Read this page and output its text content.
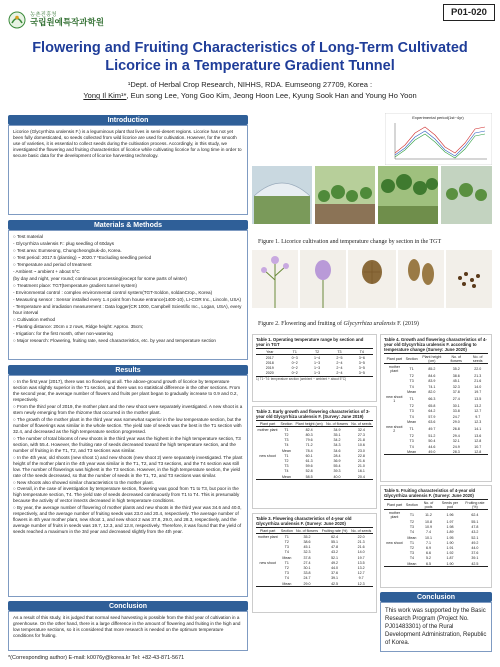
농촌진흥청
국립원예특작과학원
P01-020
Flowering and Fruiting Characteristics of Long-Term Cultivated Licorice in a Temperature Gradient Tunnel
¹Dept. of Herbal Crop Research, NIHHS, RDA. Eumseong 27709, Korea :
Yong Il Kim¹*, Eun song Lee, Yong Goo Kim, Jeong Hoon Lee, Kyung Sook Han and Young Ho Yoon
Introduction
Licorice (Glycyrrhiza uralensis F.) is a leguminous plant that lives in semi-desert regions. Licorice has not yet been fully domesticated, so seeds collected from wild licorice are used for cultivation. However, for the smooth use of varieties, it is essential to collect seeds during the cultivation process. Accordingly, in this study, we investigated the flowering and fruiting characteristics of licorice while cultivating licorice for a long time in order to secure basic data for the development of licorice harvesting technology.
Materials & Methods

○ Test material

- Glycyrrhiza uralensis F.: plug seedling of 60days

○ Test area: Eumseong, Chungcheongbuk-do, Korea.

○ Test period: 2017.5 (planting) ~ 2020.7 *Excluding seedling period

○ Temperature and period of treatment

- Ambient ~ ambient + about 5°C

(by day and night, year round; continuous processing(except for some parts of winter)

○ Treatment place: TGT(temperature gradient tunnel system)

- Environmental control : complex environmental control system(TGT-Soldon, soldanCrop., Korea)

- Measuring sensor : Sensor installed every 1.4 point from house entrance(1400-10), LI-COR Inc., Lincoln, USA)

- Temperature and irradiation measurement : Data logger(CR 1000, Campbell Scientific Inc., Logan, USA), every hour interval

○ Cultivation method

- Planting distance: 20cm x 2 rows, Ridge height: Approx. 35cm;

- Irrigation: for the first month, other non-watering

○ Major research: Flowering, fruiting rate, seed characteristics, etc. by year and temperature section

Results

○ In the first year (2017), there was no flowering at all. The above-ground growth of licorice by temperature section was slightly superior in the T1 section, and there was no statistical difference in the other sections. From the second year, the average number of flowers and fruits per plant began to gradually increase to 0.9 and 0.2, respectively.

○ From the third year of 2019, the mother plant and the new shoot were separately investigated. A new shoot is a stem newly emerging from the rhizome that occurred in the mother plant.

○ The growth of the mother plant in the third year was somewhat superior in the low temperature section, but the number of flowerings was similar in the whole section. The yield rate of seeds was the best in the T1 section with 32.4, and decreased as the high temperature section progressed.

○ The number of total blooms of new shoots in the third year was the highest in the high temperature section, T3 section, with 55.4. However, the fruiting rate of seeds decreased toward the high temperature section, and the number of fruiting in the T1, T2, and T3 sections was similar.

○ In the 4th year, old shoots (new shoot 1) and new shoots (new shoot 2) were separately investigated. The plant height of the mother plant in the 4th year was similar in the T1, T2, and T3 sections, and the T4 section was still low. The number of flowerings was highest in the T3 section. However, in the high temperature section, the yield rate of the seeds decreased, so that the number of seeds in the T1, T2, and T3 sections was similar.

○ New shoots also showed similar characteristics to the mother plant.

○ Overall, in the case of investigation by temperature section, flowering was good from T1 to T3, but poor in the high temperature section, T4. The yield rate of seeds decreased continuously from T1 to T4. This is presumably because the activity of vector insects decreased in high temperature conditions.

○ By year, the average number of flowering of mother plants and new shoots in the third year was 34.6 and 40.0, respectively, and the average number of fruiting seeds was 23.0 and 20.4, respectively. The average number of flowers in 4th year mother plant, new shoot 1, and new shoot 2 was 37.8, 29.0, and 28.3, respectively, and the average number of fruits in seeds was 19.7, 12.3, and 12.8, respectively. Therefore, it was found that the yield of seeds reached a maximum in the 3rd year and decreased slightly from the 4th year.

Conclusion
As a result of this study, it is judged that normal seed harvesting is possible from the third year of cultivation in a greenhouse. On the other hand, there is a large difference in the amount of flowering and fruiting in the high and low temperature sections, so it is considered that more research is needed on the optimum temperature conditions for fruiting.
*(Corresponding author) E-mail: k0076y@korea.kr Tel: +82-43-871-5671
Experimental period(1st~4yr)
Figure 1. Licorice cultivation and temperature change by section in the TGT
Figure 2. Flowering and fruiting of Glycyrrhiza uralensis F. (2019)
Table 1. Operating temperature range by section and year in TGT
Year	T1	T2	T3	T4
2017	0~3	1~4	2~5	3~6
2018	0~2	1~3	2~4	3~5
2019	0~2	1~3	2~4	3~5
2020	0~2	1~3	2~4	3~5
1) T1~T4: temperature section (ambient ~ ambient + about 5°C)
Table 2. Early growth and flowering characteristics of 3-year old Glycyrrhiza uralensis F. (Survey: June 2019)
Plant part	Section	Plant height (cm)	No. of flowers	No. of seeds
mother plant	T1	82.4	34.9	32.4
	T2	80.3	35.1	27.3
	T3	79.6	34.2	21.8
	T4	71.2	34.3	10.6
	Mean	78.4	34.6	23.0
new shoot	T1	60.1	28.4	22.8
	T2	61.3	36.9	21.6
	T3	59.6	55.4	21.0
	T4	52.8	39.3	16.1
	Mean	58.5	40.0	20.4
Table 3. Flowering characteristics of 4-year old Glycyrrhiza uralensis F. (Survey: June 2020)
Plant part	Section	No. of flowers	Fruiting rate (%)	No. of seeds
mother plant	T1	35.2	62.4	22.0
	T2	38.6	55.1	21.3
	T3	45.1	47.8	21.6
	T4	32.3	43.2	14.0
	Mean	37.8	52.1	19.7
new shoot	T1	27.4	49.2	13.5
	T2	30.1	44.0	13.2
	T3	33.8	37.6	12.7
	T4	24.7	39.1	9.7
	Mean	29.0	42.5	12.3
Table 4. Growth and flowering characteristics of 4-year old Glycyrrhiza uralensis F. according to temperature change (Survey: June 2020)
Plant part	Section	Plant height (cm)	No. of flowers	No. of seeds
mother plant	T1	85.2	35.2	22.0
	T2	84.6	38.6	21.3
	T3	83.9	45.1	21.6
	T4	74.1	32.3	14.0
	Mean	82.0	37.8	19.7
new shoot 1	T1	66.3	27.4	13.5
	T2	65.8	30.1	13.2
	T3	64.2	33.8	12.7
	T4	57.9	24.7	9.7
	Mean	63.6	29.0	12.3
new shoot 2	T1	49.7	26.8	14.1
	T2	51.2	29.4	13.6
	T3	50.4	32.1	12.8
	T4	44.6	24.9	10.7
	Mean	49.0	28.3	12.8
Table 5. Fruiting characteristics of 4-year old Glycyrrhiza uralensis F. (Survey: June 2020)
Plant part	Section	No. of pods	Seeds per pod	Fruiting rate (%)
mother plant	T1	11.2	1.96	62.4
	T2	10.8	1.97	55.1
	T3	10.9	1.98	47.8
	T4	7.4	1.89	43.2
	Mean	10.1	1.95	52.1
new shoot	T1	7.1	1.90	49.2
	T2	6.9	1.91	44.0
	T3	6.6	1.92	37.6
	T4	5.2	1.87	39.1
	Mean	6.5	1.90	42.5
Conclusion
This work was supported by the Basic Research Program (Project No. PJ01483301) of the Rural Development Administration, Republic of Korea.
